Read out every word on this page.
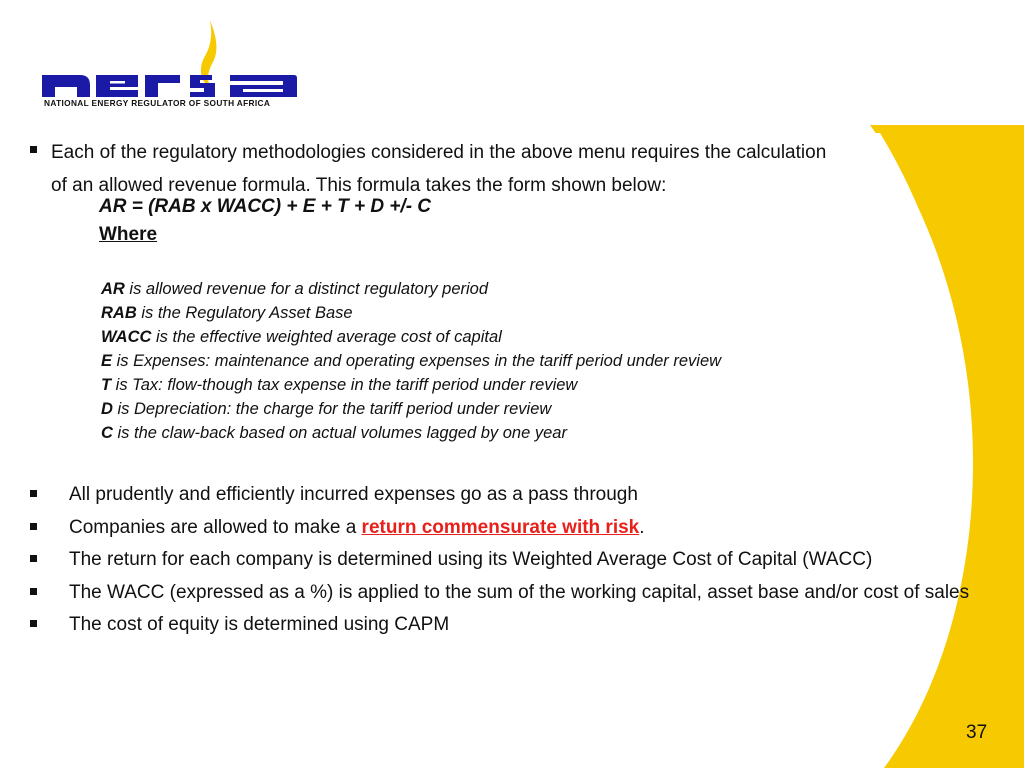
NATIONAL ENERGY REGULATOR OF SOUTH AFRICA
Each of the regulatory methodologies considered in the above menu requires the calculation
of an allowed revenue formula. This formula takes the form shown below:
AR = (RAB x WACC) + E + T + D +/- C
Where
AR is allowed revenue for a distinct regulatory period
RAB is the Regulatory Asset Base
WACC is the effective weighted average cost of capital
E is Expenses: maintenance and operating expenses in the tariff period under review
T is Tax: flow-though tax expense in the tariff period under review
D is Depreciation: the charge for the tariff period under review
C is the claw-back based on actual volumes lagged by one year
All prudently and efficiently incurred expenses go as a pass through
Companies are allowed to make a return commensurate with risk.
The return for each company is determined using its Weighted Average Cost of Capital (WACC)
The WACC (expressed as a %) is applied to the sum of the working capital, asset base and/or cost of sales
The cost of equity is determined using CAPM
37
